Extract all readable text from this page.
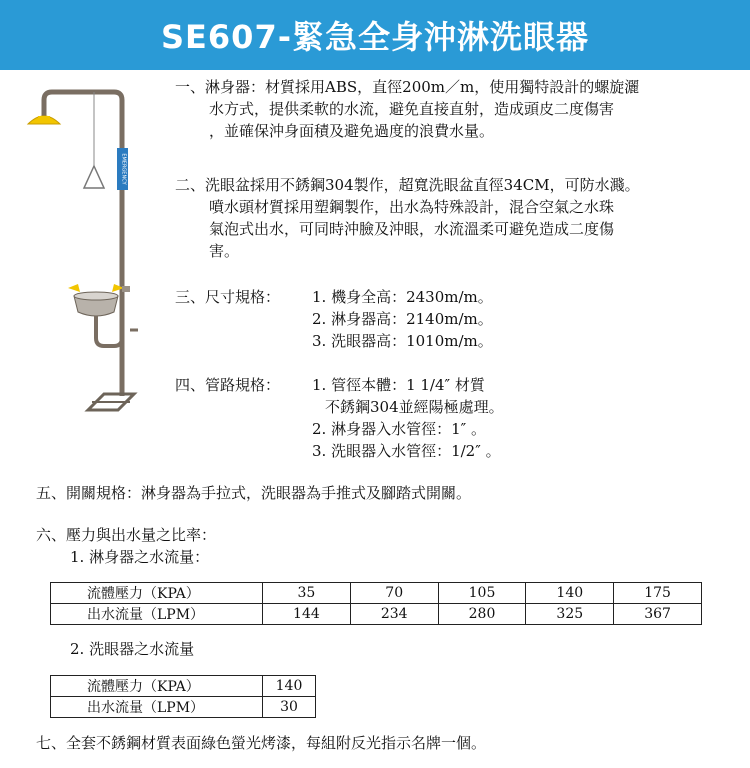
SE607-緊急全身沖淋洗眼器
EMERGENCY
一、淋身器：材質採用ABS，直徑200m／m，使用獨特設計的螺旋灑
水方式，提供柔軟的水流，避免直接直射，造成頭皮二度傷害
，並確保沖身面積及避免過度的浪費水量。
二、洗眼盆採用不銹鋼304製作，超寬洗眼盆直徑34CM，可防水濺。
噴水頭材質採用塑鋼製作，出水為特殊設計，混合空氣之水珠
氣泡式出水，可同時沖臉及沖眼，水流溫柔可避免造成二度傷
害。
三、尺寸規格：	1. 機身全高：2430m/m。
2. 淋身器高：2140m/m。
3. 洗眼器高：1010m/m。
四、管路規格：	1. 管徑本體：1 1/4″ 材質
不銹鋼304並經陽極處理。
2. 淋身器入水管徑：1″ 。
3. 洗眼器入水管徑：1/2″ 。
五、開關規格：淋身器為手拉式，洗眼器為手推式及腳踏式開關。
六、壓力與出水量之比率：
1. 淋身器之水流量：
流體壓力（KPA）	35	70	105	140	175
出水流量（LPM）	144	234	280	325	367
2. 洗眼器之水流量
流體壓力（KPA）	140
出水流量（LPM）	30
七、全套不銹鋼材質表面綠色螢光烤漆，每組附反光指示名牌一個。
